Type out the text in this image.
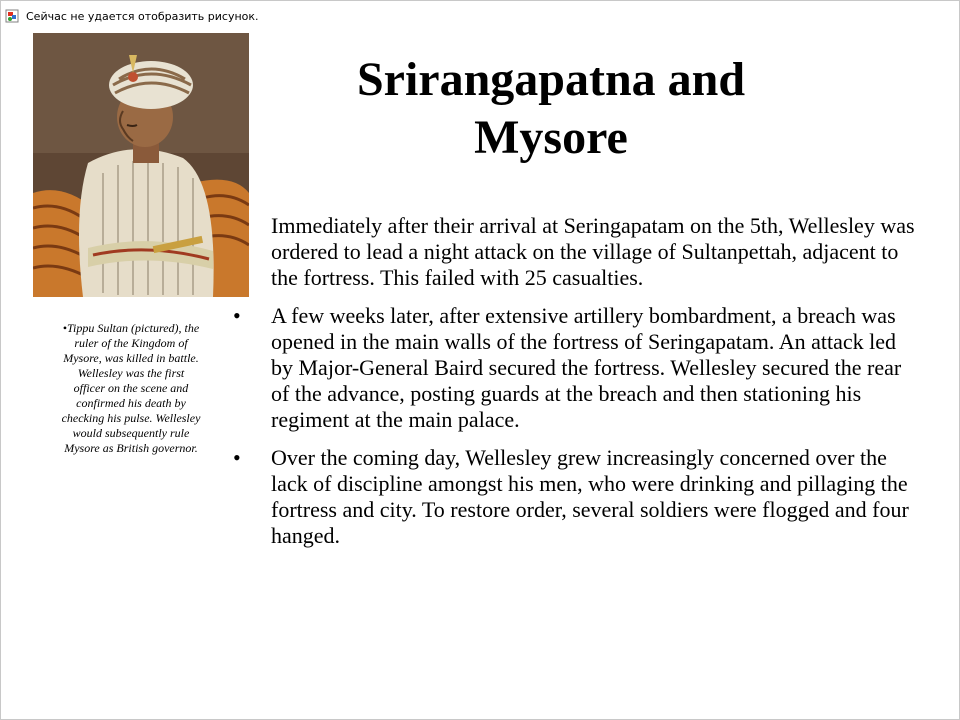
Сейчас не удается отобразить рисунок.
•Tippu Sultan (pictured), the ruler of the Kingdom of Mysore, was killed in battle. Wellesley was the first officer on the scene and confirmed his death by checking his pulse. Wellesley would subsequently rule Mysore as British governor.
Srirangapatna and Mysore
Immediately after their arrival at Seringapatam on the 5th, Wellesley was ordered to lead a night attack on the village of Sultanpettah, adjacent to the fortress. This failed with 25 casualties.
• A few weeks later, after extensive artillery bombardment, a breach was opened in the main walls of the fortress of Seringapatam. An attack led by Major-General Baird secured the fortress. Wellesley secured the rear of the advance, posting guards at the breach and then stationing his regiment at the main palace.
• Over the coming day, Wellesley grew increasingly concerned over the lack of discipline amongst his men, who were drinking and pillaging the fortress and city. To restore order, several soldiers were flogged and four hanged.
